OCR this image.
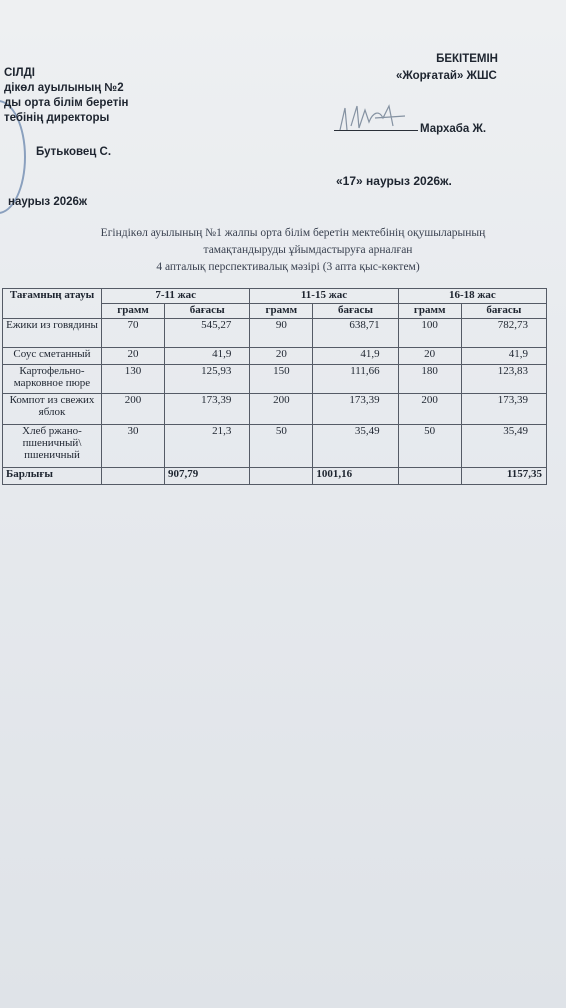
СІЛДІ
дікөл ауылының №2
ды орта білім беретін
тебінің директоры
Бутьковец С.
наурыз 2026ж
БЕКІТЕМІН
«Жорғатай» ЖШС
Мархаба Ж.
«17» наурыз 2026ж.
Егіндікөл ауылының №1 жалпы орта білім беретін мектебінің оқушыларының
тамақтандыруды ұйымдастыруға арналған
4 апталық перспективалық мәзірі (3 апта қыс-көктем)
Тағамның атауы	7-11 жас		11-15 жас		16-18 жас	
	грамм	бағасы	грамм	бағасы	грамм	бағасы
Ежики из говядины	70	545,27	90	638,71	100	782,73
Соус сметанный	20	41,9	20	41,9	20	41,9
Картофельно-марковное пюре	130	125,93	150	111,66	180	123,83
Компот из свежих яблок	200	173,39	200	173,39	200	173,39
Хлеб ржано-пшеничный\ пшеничный	30	21,3	50	35,49	50	35,49
Барлығы		907,79		1001,16		1157,35
